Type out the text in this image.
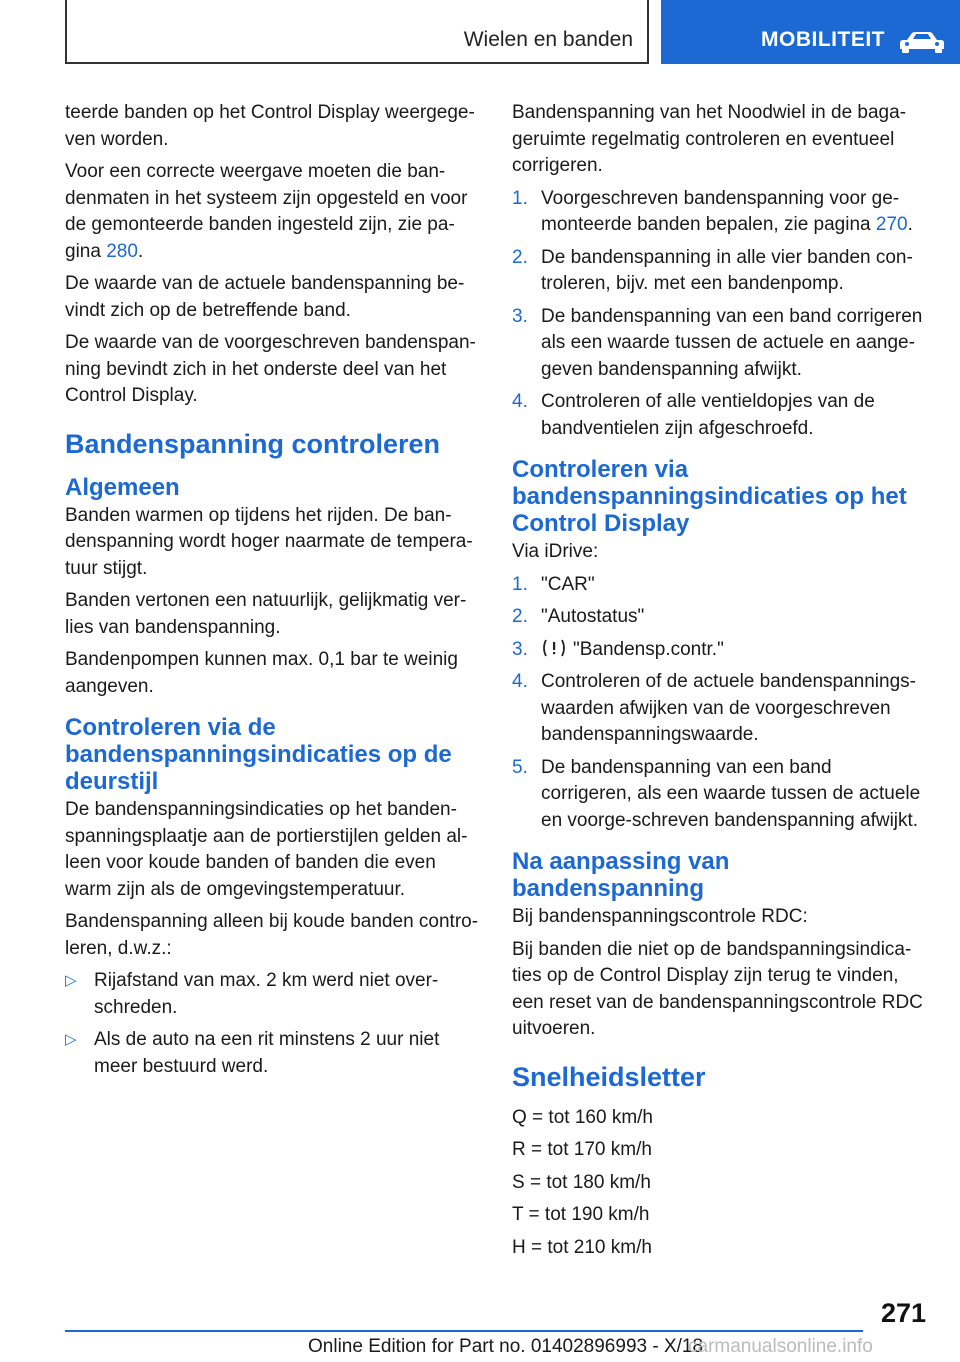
Wielen en banden	MOBILITEIT

teerde banden op het Control Display weergege-ven worden.

Voor een correcte weergave moeten die ban-denmaten in het systeem zijn opgesteld en voor de gemonteerde banden ingesteld zijn, zie pa-gina 280.

De waarde van de actuele bandenspanning be-vindt zich op de betreffende band.

De waarde van de voorgeschreven bandenspan-ning bevindt zich in het onderste deel van het Control Display.

Bandenspanning controleren
Algemeen

Banden warmen op tijdens het rijden. De ban-denspanning wordt hoger naarmate de tempera-tuur stijgt.

Banden vertonen een natuurlijk, gelijkmatig ver-lies van bandenspanning.

Bandenpompen kunnen max. 0,1 bar te weinig aangeven.

Controleren via de bandenspanningsindicaties op de deurstijl

De bandenspanningsindicaties op het banden-spanningsplaatje aan de portierstijlen gelden al-leen voor koude banden of banden die even warm zijn als de omgevingstemperatuur.

Bandenspanning alleen bij koude banden contro-leren, d.w.z.:

▷ Rijafstand van max. 2 km werd niet over-schreden.
▷ Als de auto na een rit minstens 2 uur niet meer bestuurd werd.

Bandenspanning van het Noodwiel in de baga-geruimte regelmatig controleren en eventueel corrigeren.

1. Voorgeschreven bandenspanning voor ge-monteerde banden bepalen, zie pagina 270.
2. De bandenspanning in alle vier banden con-troleren, bijv. met een bandenpomp.
3. De bandenspanning van een band corrigeren als een waarde tussen de actuele en aange-geven bandenspanning afwijkt.
4. Controleren of alle ventieldopjes van de bandventielen zijn afgeschroefd.
Controleren via bandenspanningsindicaties op het Control Display

Via iDrive:

1. "CAR"
2. "Autostatus"
3. "Bandensp.contr."
4. Controleren of de actuele bandenspannings-waarden afwijken van de voorgeschreven bandenspanningswaarde.
5. De bandenspanning van een band corrigeren, als een waarde tussen de actuele en voorge-schreven bandenspanning afwijkt.
Na aanpassing van bandenspanning

Bij bandenspanningscontrole RDC:

Bij banden die niet op de bandspanningsindica-ties op de Control Display zijn terug te vinden, een reset van de bandenspanningscontrole RDC uitvoeren.

Snelheidsletter

Q = tot 160 km/h

R = tot 170 km/h

S = tot 180 km/h

T = tot 190 km/h

H = tot 210 km/h

271
Online Edition for Part no. 01402896993 - X/18
carmanualsonline.info
